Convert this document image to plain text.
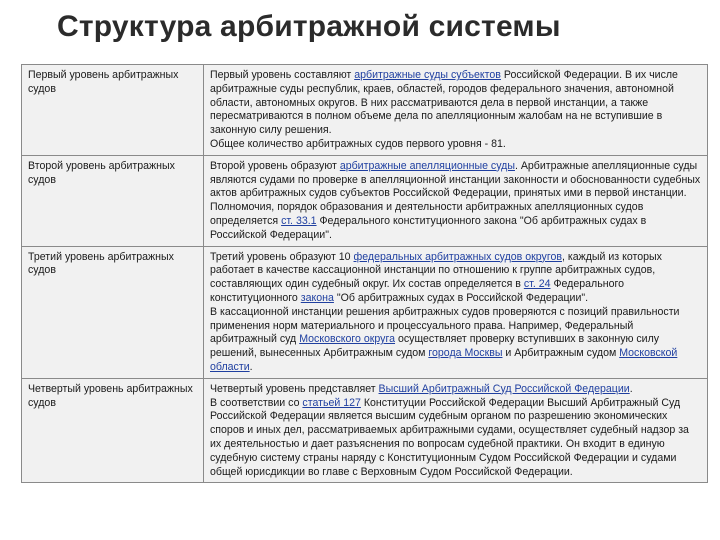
Структура арбитражной системы
Первый уровень арбитражных судов	Первый уровень составляют арбитражные суды субъектов Российской Федерации. В их числе арбитражные суды республик, краев, областей, городов федерального значения, автономной области, автономных округов. В них рассматриваются дела в первой инстанции, а также пересматриваются в полном объеме дела по апелляционным жалобам на не вступившие в законную силу решения.
Общее количество арбитражных судов первого уровня - 81.
Второй уровень арбитражных судов	Второй уровень образуют арбитражные апелляционные суды. Арбитражные апелляционные суды являются судами по проверке в апелляционной инстанции законности и обоснованности судебных актов арбитражных судов субъектов Российской Федерации, принятых ими в первой инстанции. Полномочия, порядок образования и деятельности арбитражных апелляционных судов определяется ст. 33.1 Федерального конституционного закона "Об арбитражных судах в Российской Федерации".
Третий уровень арбитражных судов	Третий уровень образуют 10 федеральных арбитражных судов округов, каждый из которых работает в качестве кассационной инстанции по отношению к группе арбитражных судов, составляющих один судебный округ. Их состав определяется в ст. 24 Федерального конституционного закона "Об арбитражных судах в Российской Федерации".
В кассационной инстанции решения арбитражных судов проверяются с позиций правильности применения норм материального и процессуального права. Например, Федеральный арбитражный суд Московского округа осуществляет проверку вступивших в законную силу решений, вынесенных Арбитражным судом города Москвы и Арбитражным судом Московской области.
Четвертый уровень арбитражных судов	Четвертый уровень представляет Высший Арбитражный Суд Российской Федерации.
В соответствии со статьей 127 Конституции Российской Федерации Высший Арбитражный Суд Российской Федерации является высшим судебным органом по разрешению экономических споров и иных дел, рассматриваемых арбитражными судами, осуществляет судебный надзор за их деятельностью и дает разъяснения по вопросам судебной практики. Он входит в единую судебную систему страны наряду с Конституционным Судом Российской Федерации и судами общей юрисдикции во главе с Верховным Судом Российской Федерации.
